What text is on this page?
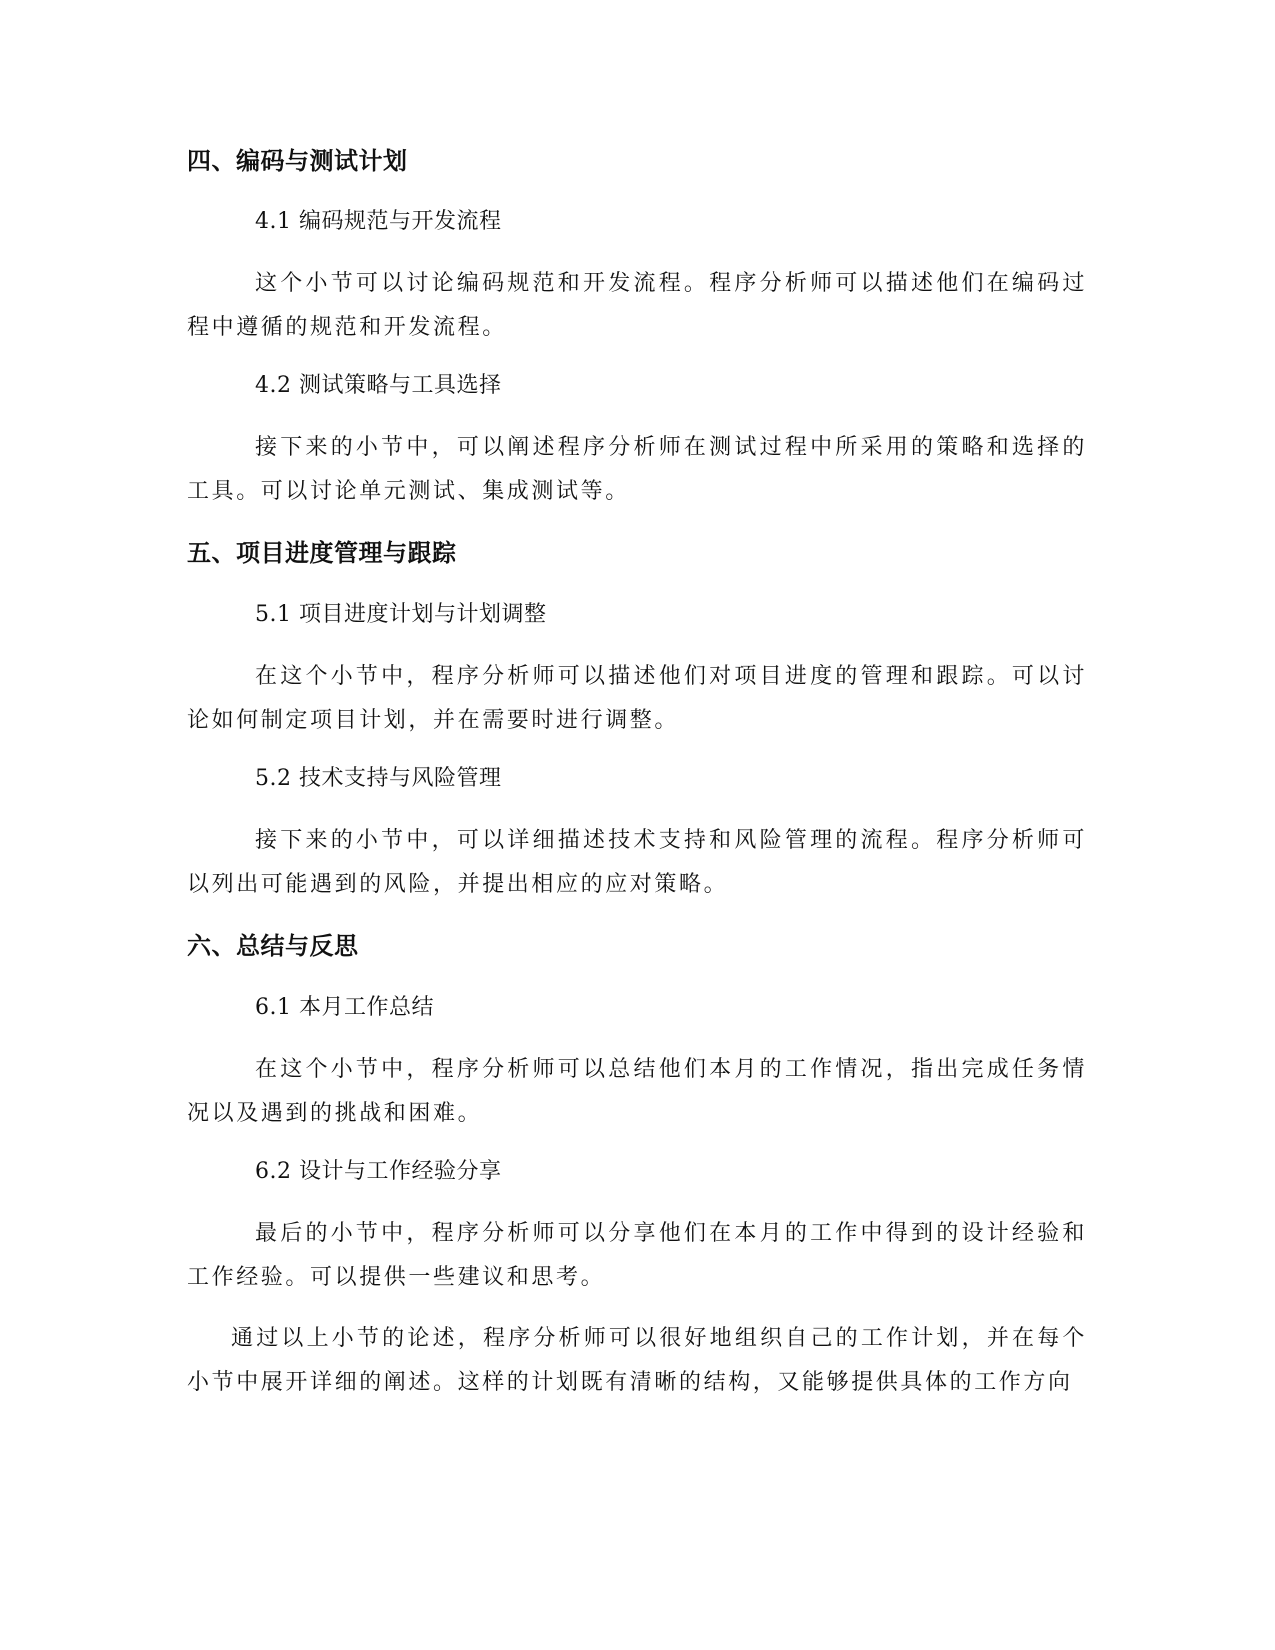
四、编码与测试计划

4.1 编码规范与开发流程

这个小节可以讨论编码规范和开发流程。程序分析师可以描述他们在编码过程中遵循的规范和开发流程。

4.2 测试策略与工具选择

接下来的小节中，可以阐述程序分析师在测试过程中所采用的策略和选择的工具。可以讨论单元测试、集成测试等。

五、项目进度管理与跟踪

5.1 项目进度计划与计划调整

在这个小节中，程序分析师可以描述他们对项目进度的管理和跟踪。可以讨论如何制定项目计划，并在需要时进行调整。

5.2 技术支持与风险管理

接下来的小节中，可以详细描述技术支持和风险管理的流程。程序分析师可以列出可能遇到的风险，并提出相应的应对策略。

六、总结与反思

6.1 本月工作总结

在这个小节中，程序分析师可以总结他们本月的工作情况，指出完成任务情况以及遇到的挑战和困难。

6.2 设计与工作经验分享

最后的小节中，程序分析师可以分享他们在本月的工作中得到的设计经验和工作经验。可以提供一些建议和思考。

通过以上小节的论述，程序分析师可以很好地组织自己的工作计划，并在每个小节中展开详细的阐述。这样的计划既有清晰的结构，又能够提供具体的工作方向
